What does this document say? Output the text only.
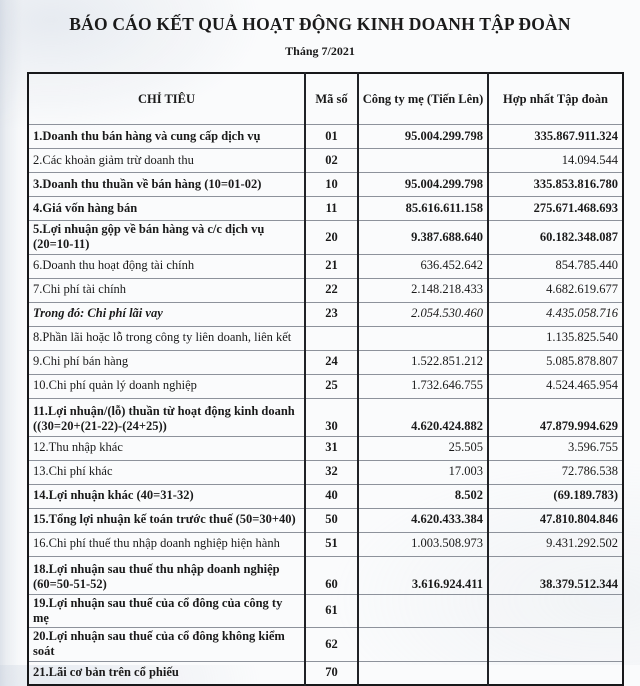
BÁO CÁO KẾT QUẢ HOẠT ĐỘNG KINH DOANH TẬP ĐOÀN
Tháng 7/2021
CHỈ TIÊU	Mã số	Công ty mẹ (Tiến Lên)	Hợp nhất Tập đoàn
1.Doanh thu bán hàng và cung cấp dịch vụ	01	95.004.299.798	335.867.911.324
2.Các khoản giảm trừ doanh thu	02		14.094.544
3.Doanh thu thuần về bán hàng (10=01-02)	10	95.004.299.798	335.853.816.780
4.Giá vốn hàng bán	11	85.616.611.158	275.671.468.693
5.Lợi nhuận gộp về bán hàng và c/c dịch vụ (20=10-11)	20	9.387.688.640	60.182.348.087
6.Doanh thu hoạt động tài chính	21	636.452.642	854.785.440
7.Chi phí tài chính	22	2.148.218.433	4.682.619.677
Trong đó: Chi phí lãi vay	23	2.054.530.460	4.435.058.716
8.Phần lãi hoặc lỗ trong công ty liên doanh, liên kết			1.135.825.540
9.Chi phí bán hàng	24	1.522.851.212	5.085.878.807
10.Chi phí quản lý doanh nghiệp	25	1.732.646.755	4.524.465.954
11.Lợi nhuận/(lỗ) thuần từ hoạt động kinh doanh ((30=20+(21-22)-(24+25))	30	4.620.424.882	47.879.994.629
12.Thu nhập khác	31	25.505	3.596.755
13.Chi phí khác	32	17.003	72.786.538
14.Lợi nhuận khác (40=31-32)	40	8.502	(69.189.783)
15.Tổng lợi nhuận kế toán trước thuế (50=30+40)	50	4.620.433.384	47.810.804.846
16.Chi phí thuế thu nhập doanh nghiệp hiện hành	51	1.003.508.973	9.431.292.502
18.Lợi nhuận sau thuế thu nhập doanh nghiệp (60=50-51-52)	60	3.616.924.411	38.379.512.344
19.Lợi nhuận sau thuế của cổ đông của công ty mẹ	61		
20.Lợi nhuận sau thuế của cổ đông không kiểm soát	62		
21.Lãi cơ bản trên cổ phiếu	70		
